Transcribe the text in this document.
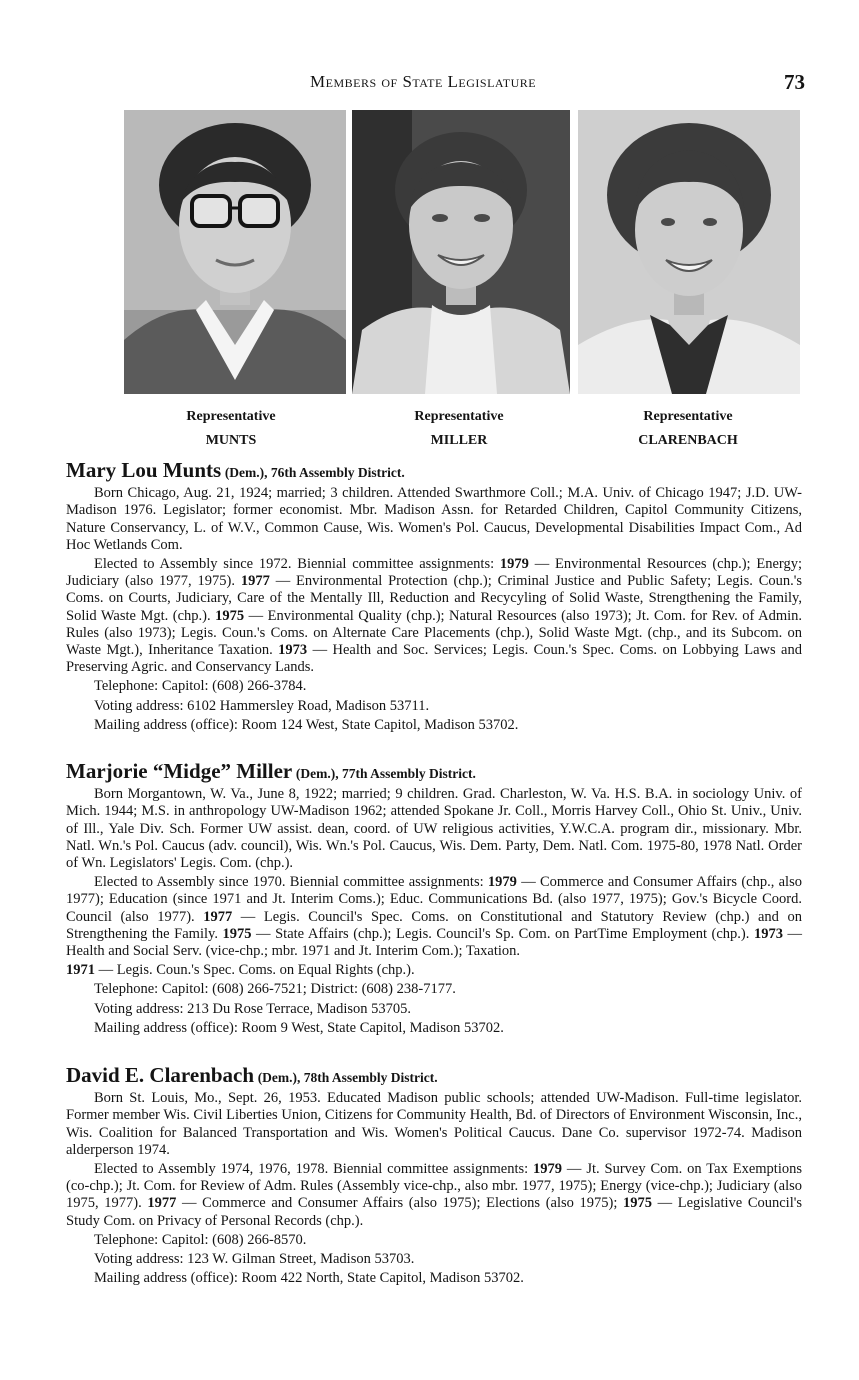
Members of State Legislature	73
Representative
MUNTS
Representative
MILLER
Representative
CLARENBACH
Mary Lou Munts (Dem.), 76th Assembly District.

Born Chicago, Aug. 21, 1924; married; 3 children. Attended Swarthmore Coll.; M.A. Univ. of Chicago 1947; J.D. UW-Madison 1976. Legislator; former economist. Mbr. Madison Assn. for Retarded Children, Capitol Community Citizens, Nature Conservancy, L. of W.V., Common Cause, Wis. Women's Pol. Caucus, Developmental Disabilities Impact Com., Ad Hoc Wetlands Com.

Elected to Assembly since 1972. Biennial committee assignments: 1979 — Environmental Resources (chp.); Energy; Judiciary (also 1977, 1975). 1977 — Environmental Protection (chp.); Criminal Justice and Public Safety; Legis. Coun.'s Coms. on Courts, Judiciary, Care of the Mentally Ill, Reduction and Recycyling of Solid Waste, Strengthening the Family, Solid Waste Mgt. (chp.). 1975 — Environmental Quality (chp.); Natural Resources (also 1973); Jt. Com. for Rev. of Admin. Rules (also 1973); Legis. Coun.'s Coms. on Alternate Care Placements (chp.), Solid Waste Mgt. (chp., and its Subcom. on Waste Mgt.), Inheritance Taxation. 1973 — Health and Soc. Services; Legis. Coun.'s Spec. Coms. on Lobbying Laws and Preserving Agric. and Conservancy Lands.

Telephone: Capitol: (608) 266-3784.

Voting address: 6102 Hammersley Road, Madison 53711.

Mailing address (office): Room 124 West, State Capitol, Madison 53702.

Marjorie “Midge” Miller (Dem.), 77th Assembly District.

Born Morgantown, W. Va., June 8, 1922; married; 9 children. Grad. Charleston, W. Va. H.S. B.A. in sociology Univ. of Mich. 1944; M.S. in anthropology UW-Madison 1962; attended Spokane Jr. Coll., Morris Harvey Coll., Ohio St. Univ., Univ. of Ill., Yale Div. Sch. Former UW assist. dean, coord. of UW religious activities, Y.W.C.A. program dir., missionary. Mbr. Natl. Wn.'s Pol. Caucus (adv. council), Wis. Wn.'s Pol. Caucus, Wis. Dem. Party, Dem. Natl. Com. 1975-80, 1978 Natl. Order of Wn. Legislators' Legis. Com. (chp.).

Elected to Assembly since 1970. Biennial committee assignments: 1979 — Commerce and Consumer Affairs (chp., also 1977); Education (since 1971 and Jt. Interim Coms.); Educ. Communications Bd. (also 1977, 1975); Gov.'s Bicycle Coord. Council (also 1977). 1977 — Legis. Council's Spec. Coms. on Constitutional and Statutory Review (chp.) and on Strengthening the Family. 1975 — State Affairs (chp.); Legis. Council's Sp. Com. on PartTime Employment (chp.). 1973 — Health and Social Serv. (vice-chp.; mbr. 1971 and Jt. Interim Com.); Taxation.

1971 — Legis. Coun.'s Spec. Coms. on Equal Rights (chp.).

Telephone: Capitol: (608) 266-7521; District: (608) 238-7177.

Voting address: 213 Du Rose Terrace, Madison 53705.

Mailing address (office): Room 9 West, State Capitol, Madison 53702.

David E. Clarenbach (Dem.), 78th Assembly District.

Born St. Louis, Mo., Sept. 26, 1953. Educated Madison public schools; attended UW-Madison. Full-time legislator. Former member Wis. Civil Liberties Union, Citizens for Community Health, Bd. of Directors of Environment Wisconsin, Inc., Wis. Coalition for Balanced Transportation and Wis. Women's Political Caucus. Dane Co. supervisor 1972-74. Madison alderperson 1974.

Elected to Assembly 1974, 1976, 1978. Biennial committee assignments: 1979 — Jt. Survey Com. on Tax Exemptions (co-chp.); Jt. Com. for Review of Adm. Rules (Assembly vice-chp., also mbr. 1977, 1975); Energy (vice-chp.); Judiciary (also 1975, 1977). 1977 — Commerce and Consumer Affairs (also 1975); Elections (also 1975); 1975 — Legislative Council's Study Com. on Privacy of Personal Records (chp.).

Telephone: Capitol: (608) 266-8570.

Voting address: 123 W. Gilman Street, Madison 53703.

Mailing address (office): Room 422 North, State Capitol, Madison 53702.
